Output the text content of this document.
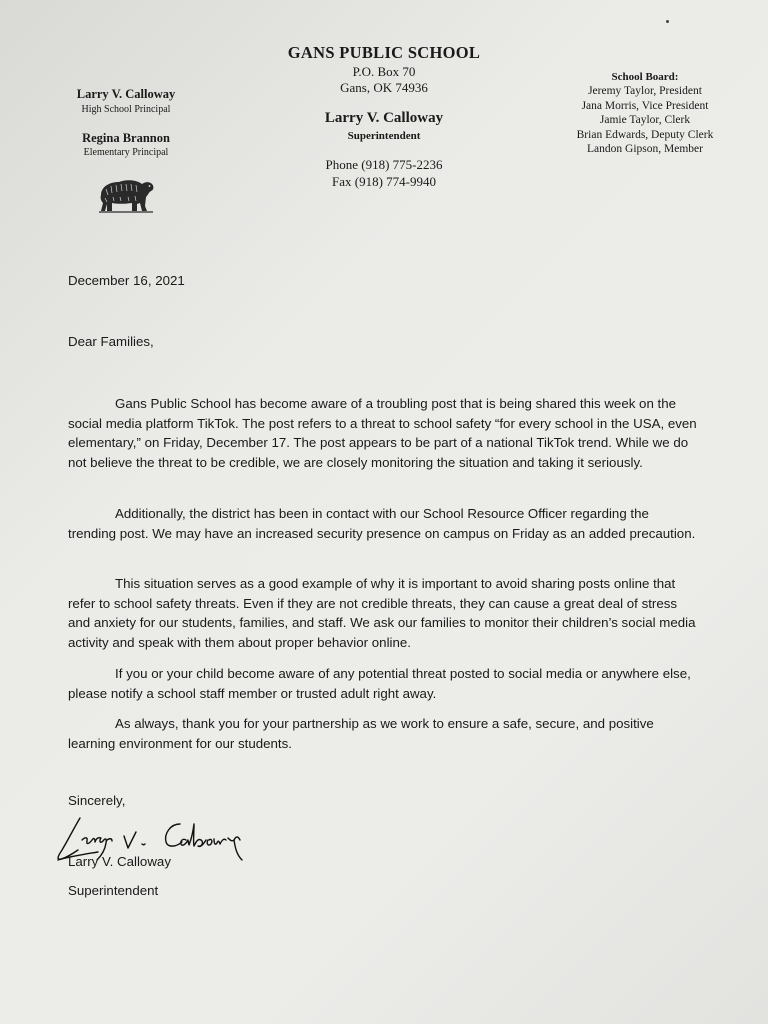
GANS PUBLIC SCHOOL
P.O. Box 70
Gans, OK 74936
Larry V. Calloway
Superintendent
Phone (918) 775-2236
Fax (918) 774-9940
Larry V. Calloway
High School Principal
Regina Brannon
Elementary Principal
School Board:
Jeremy Taylor, President
Jana Morris, Vice President
Jamie Taylor, Clerk
Brian Edwards, Deputy Clerk
Landon Gipson, Member
December 16, 2021
Dear Families,

Gans Public School has become aware of a troubling post that is being shared this week on the social media platform TikTok. The post refers to a threat to school safety “for every school in the USA, even elementary,” on Friday, December 17. The post appears to be part of a national TikTok trend. While we do not believe the threat to be credible, we are closely monitoring the situation and taking it seriously.

Additionally, the district has been in contact with our School Resource Officer regarding the trending post. We may have an increased security presence on campus on Friday as an added precaution.

This situation serves as a good example of why it is important to avoid sharing posts online that refer to school safety threats. Even if they are not credible threats, they can cause a great deal of stress and anxiety for our students, families, and staff. We ask our families to monitor their children’s social media activity and speak with them about proper behavior online.

If you or your child become aware of any potential threat posted to social media or anywhere else, please notify a school staff member or trusted adult right away.

As always, thank you for your partnership as we work to ensure a safe, secure, and positive learning environment for our students.

Sincerely,
Larry V. Calloway
Superintendent
